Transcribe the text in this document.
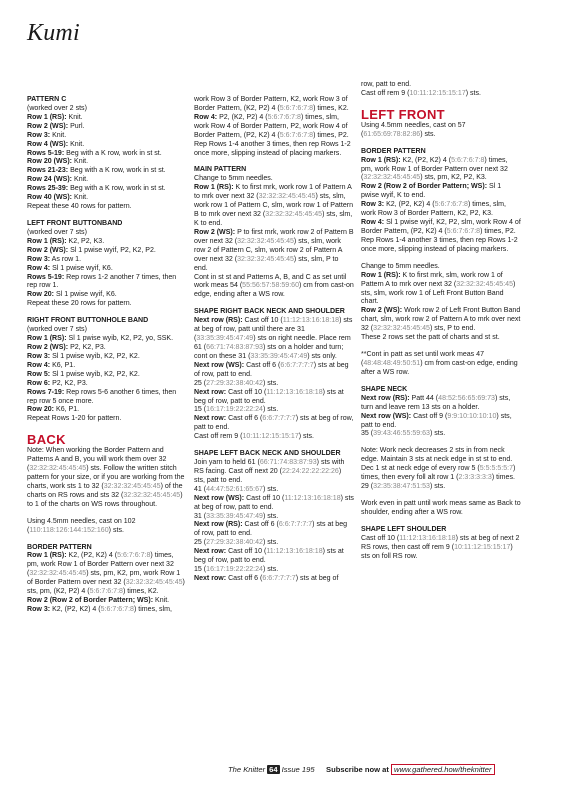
Kumi

PATTERN C

(worked over 2 sts)

Row 1 (RS): Knit.

Row 2 (WS): Purl.

Row 3: Knit.

Row 4 (WS): Knit.

Rows 5-19: Beg with a K row, work in st st.

Row 20 (WS): Knit.

Rows 21-23: Beg with a K row, work in st st.

Row 24 (WS): Knit.

Rows 25-39: Beg with a K row, work in st st.

Row 40 (WS): Knit.

Repeat these 40 rows for pattern.

LEFT FRONT BUTTONBAND

(worked over 7 sts)

Row 1 (RS): K2, P2, K3.

Row 2 (WS): Sl 1 pwise wyif, P2, K2, P2.

Row 3: As row 1.

Row 4: Sl 1 pwise wyif, K6.

Rows 5-19: Rep rows 1-2 another 7 times, then rep row 1.

Row 20: Sl 1 pwise wyif, K6.

Repeat these 20 rows for pattern.

RIGHT FRONT BUTTONHOLE BAND

(worked over 7 sts)

Row 1 (RS): Sl 1 pwise wyib, K2, P2, yo, SSK.

Row 2 (WS): P2, K2, P3.

Row 3: Sl 1 pwise wyib, K2, P2, K2.

Row 4: K6, P1.

Row 5: Sl 1 pwise wyib, K2, P2, K2.

Row 6: P2, K2, P3.

Rows 7-19: Rep rows 5-6 another 6 times, then rep row 5 once more.

Row 20: K6, P1.

Repeat Rows 1-20 for pattern.

BACK

Note: When working the Border Pattern and Patterns A and B, you will work them over 32 (32:32:32:45:45:45) sts. Follow the written stitch pattern for your size, or if you are working from the charts, work sts 1 to 32 (32:32:32:45:45:45) of the charts on RS rows and sts 32 (32:32:32:45:45:45) to 1 of the charts on WS rows throughout.

Using 4.5mm needles, cast on 102 (110:118:126:144:152:160) sts.

BORDER PATTERN

Row 1 (RS): K2, (P2, K2) 4 (5:6:7:6:7:8) times, pm, work Row 1 of Border Pattern over next 32 (32:32:32:45:45:45) sts, pm, K2, pm, work Row 1 of Border Pattern over next 32 (32:32:32:45:45:45) sts, pm, (K2, P2) 4 (5:6:7:6:7:8) times, K2.

Row 2 (Row 2 of Border Pattern; WS): Knit.

Row 3: K2, (P2, K2) 4 (5:6:7:6:7:8) times, slm,

work Row 3 of Border Pattern, K2, work Row 3 of Border Pattern, (K2, P2) 4 (5:6:7:6:7:8) times, K2.

Row 4: P2, (K2, P2) 4 (5:6:7:6:7:8) times, slm, work Row 4 of Border Pattern, P2, work Row 4 of Border Pattern, (P2, K2) 4 (5:6:7:6:7:8) times, P2.

Rep Rows 1-4 another 3 times, then rep Rows 1-2 once more, slipping instead of placing markers.

MAIN PATTERN

Change to 5mm needles.

Row 1 (RS): K to first mrk, work row 1 of Pattern A to mrk over next 32 (32:32:32:45:45:45) sts, slm, work row 1 of Pattern C, slm, work row 1 of Pattern B to mrk over next 32 (32:32:32:45:45:45) sts, slm, K to end.

Row 2 (WS): P to first mrk, work row 2 of Pattern B over next 32 (32:32:32:45:45:45) sts, slm, work row 2 of Pattern C, slm, work row 2 of Pattern A over next 32 (32:32:32:45:45:45) sts, slm, P to end.

Cont in st st and Patterns A, B, and C as set until work meas 54 (55:56:57:58:59:60) cm from cast-on edge, ending after a WS row.

SHAPE RIGHT BACK NECK AND SHOULDER

Next row (RS): Cast off 10 (11:12:13:16:18:18) sts at beg of row, patt until there are 31 (33:35:39:45:47:49) sts on right needle. Place rem 61 (66:71:74:83:87:93) sts on a holder and turn; cont on these 31 (33:35:39:45:47:49) sts only.

Next row (WS): Cast off 6 (6:6:7:7:7:7) sts at beg of row, patt to end.

25 (27:29:32:38:40:42) sts.

Next row: Cast off 10 (11:12:13:16:18:18) sts at beg of row, patt to end.

15 (16:17:19:22:22:24) sts.

Next row: Cast off 6 (6:6:7:7:7:7) sts at beg of row, patt to end.

Cast off rem 9 (10:11:12:15:15:17) sts.

SHAPE LEFT BACK NECK AND SHOULDER

Join yarn to held 61 (66:71:74:83:87:93) sts with RS facing. Cast off next 20 (22:24:22:22:22:26) sts, patt to end.

41 (44:47:52:61:65:67) sts.

Next row (WS): Cast off 10 (11:12:13:16:18:18) sts at beg of row, patt to end.

31 (33:35:39:45:47:49) sts.

Next row (RS): Cast off 6 (6:6:7:7:7:7) sts at beg of row, patt to end.

25 (27:29:32:38:40:42) sts.

Next row: Cast off 10 (11:12:13:16:18:18) sts at beg of row, patt to end.

15 (16:17:19:22:22:24) sts.

Next row: Cast off 6 (6:6:7:7:7:7) sts at beg of

row, patt to end.

Cast off rem 9 (10:11:12:15:15:17) sts.

LEFT FRONT

Using 4.5mm needles, cast on 57 (61:65:69:78:82:86) sts.

BORDER PATTERN

Row 1 (RS): K2, (P2, K2) 4 (5:6:7:6:7:8) times, pm, work Row 1 of Border Pattern over next 32 (32:32:32:45:45:45) sts, pm, K2, P2, K3.

Row 2 (Row 2 of Border Pattern; WS): Sl 1 pwise wyif, K to end.

Row 3: K2, (P2, K2) 4 (5:6:7:6:7:8) times, slm, work Row 3 of Border Pattern, K2, P2, K3.

Row 4: Sl 1 pwise wyif, K2, P2, slm, work Row 4 of Border Pattern, (P2, K2) 4 (5:6:7:6:7:8) times, P2.

Rep Rows 1-4 another 3 times, then rep Rows 1-2 once more, slipping instead of placing markers.

Change to 5mm needles.

Row 1 (RS): K to first mrk, slm, work row 1 of Pattern A to mrk over next 32 (32:32:32:45:45:45) sts, slm, work row 1 of Left Front Button Band chart.

Row 2 (WS): Work row 2 of Left Front Button Band chart, slm, work row 2 of Pattern A to mrk over next 32 (32:32:32:45:45:45) sts, P to end.

These 2 rows set the patt of charts and st st.

**Cont in patt as set until work meas 47 (48:48:48:49:50:51) cm from cast-on edge, ending after a WS row.

SHAPE NECK

Next row (RS): Patt 44 (48:52:56:65:69:73) sts, turn and leave rem 13 sts on a holder.

Next row (WS): Cast off 9 (9:9:10:10:10:10) sts, patt to end.

35 (39:43:46:55:59:63) sts.

Note: Work neck decreases 2 sts in from neck edge. Maintain 3 sts at neck edge in st st to end.

Dec 1 st at neck edge of every row 5 (5:5:5:5:5:7) times, then every foll alt row 1 (2:3:3:3:3:3) times.

29 (32:35:38:47:51:53) sts.

Work even in patt until work meas same as Back to shoulder, ending after a WS row.

SHAPE LEFT SHOULDER

Cast off 10 (11:12:13:16:18:18) sts at beg of next 2 RS rows, then cast off rem 9 (10:11:12:15:15:17) sts on foll RS row.

The Knitter 64 Issue 195 Subscribe now at www.gathered.how/theknitter
